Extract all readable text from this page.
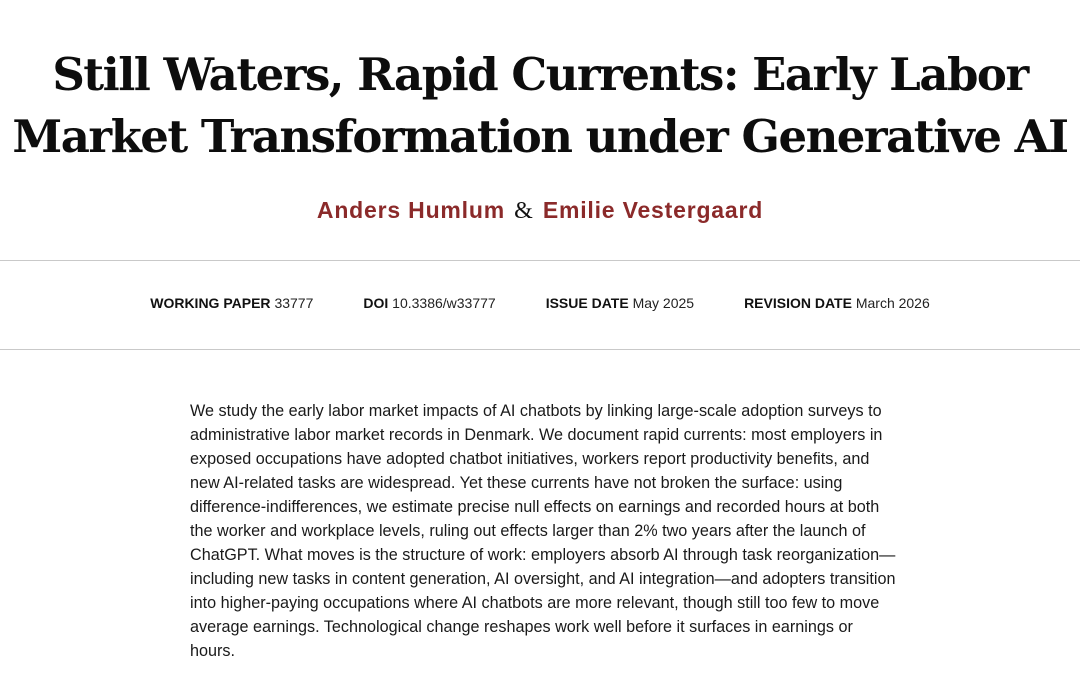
Still Waters, Rapid Currents: Early Labor
Market Transformation under Generative AI
Anders Humlum & Emilie Vestergaard
WORKING PAPER 33777	DOI 10.3386/w33777	ISSUE DATE May 2025	REVISION DATE March 2026

We study the early labor market impacts of AI chatbots by linking large-scale adoption surveys to administrative labor market records in Denmark. We document rapid currents: most employers in exposed occupations have adopted chatbot initiatives, workers report productivity benefits, and new AI-related tasks are widespread. Yet these currents have not broken the surface: using difference-indifferences, we estimate precise null effects on earnings and recorded hours at both the worker and workplace levels, ruling out effects larger than 2% two years after the launch of ChatGPT. What moves is the structure of work: employers absorb AI through task reorganization—including new tasks in content generation, AI oversight, and AI integration—and adopters transition into higher-paying occupations where AI chatbots are more relevant, though still too few to move average earnings. Technological change reshapes work well before it surfaces in earnings or hours.
